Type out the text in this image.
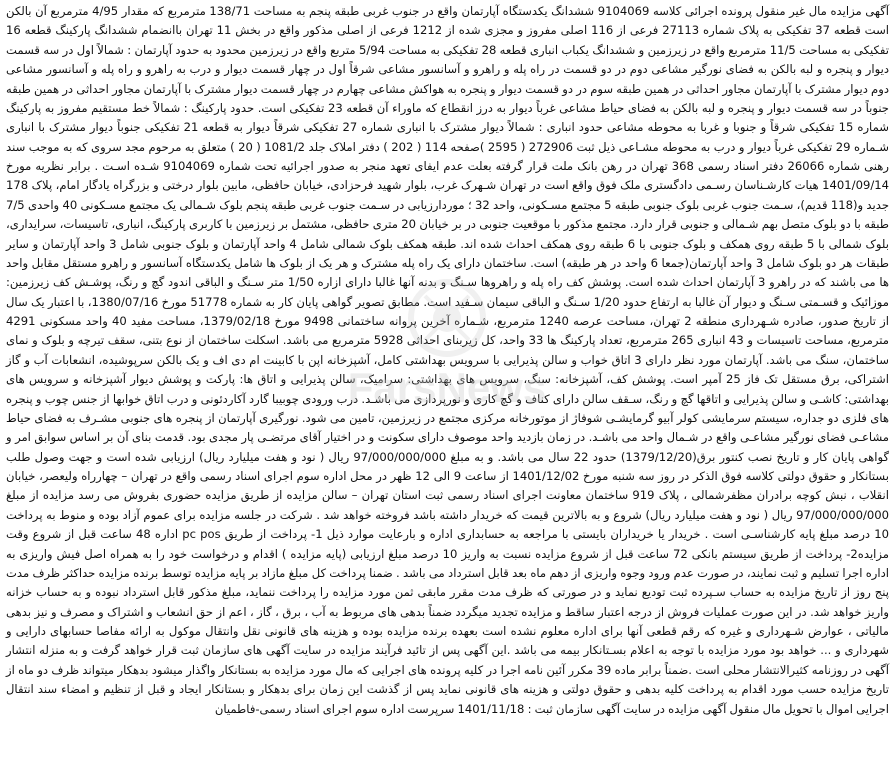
آگهی مزایده مال غیر منقول پرونده اجرائی کلاسه 9104069 ششدانگ یکدستگاه آپارتمان واقع در جنوب غربی طبقه پنجم به مساحت 138/71 مترمربع که مقدار 4/95 مترمربع آن بالکن است قطعه 37 تفکیکی به پلاک شماره 27113 فرعی از 116 اصلی مفروز و مجزی شده از 1212 فرعی از اصلی مذکور واقع در بخش 11 تهران باانضمام ششدانگ پارکینگ قطعه 16 تفکیکی به مساحت 11/5 مترمربع واقع در زیرزمین و ششدانگ یکباب انباری قطعه 28 تفکیکی به مساحت 5/94 متربع واقع در زیرزمین محدود به حدود آپارتمان : شمالاً اول در سه قسمت دیوار و پنجره و لبه بالکن به فضای نورگیر مشاعی دوم در دو قسمت در راه پله و راهرو و آسانسور مشاعی شرقاً اول در چهار قسمت دیوار و درب به راهرو و راه پله و آسانسور مشاعی دوم دیوار مشترک با آپارتمان مجاور احداثی در همین طبقه سوم در دو قسمت دیوار و پنجره به هواکش مشاعی چهارم در چهار قسمت دیوار مشترک با آپارتمان مجاور احداثی در همین طبقه جنوباً در سه قسمت دیوار و پنجره و لبه بالکن به فضای حیاط مشاعی غرباً دیوار به درز انقطاع که ماوراء آن قطعه 23 تفکیکی است. حدود پارکینگ : شمالاً خط مستقیم مفروز به پارکینگ شماره 15 تفکیکی شرقاً و جنوبا و غربا به محوطه مشاعی حدود انباری : شمالاً دیوار مشترک با انباری شماره 27 تفکیکی شرقاً دیوار به قطعه 21 تفکیکی جنوباً دیوار مشترک با انباری شـماره 29 تفکیکی غرباً دیوار و درب به محوطه مشـاعی ذیل ثبت 272906 ( 2595 )صفحه 114 ( 202 ) دفتر املاک جلد 1081/2 ( 20 ) متعلق به مرحوم مجد سروی که به موجب سند رهنی شماره 26066 دفتر اسناد رسمی 368 تهران در رهن بانک ملت قرار گرفته بعلت عدم ایفای تعهد منجر به صدور اجرائیه تحت شماره 9104069 شـده اسـت . برابر نظریه مورخ 1401/09/14 هیات کارشـناسان رسـمی دادگستری ملک فوق واقع است در تهران شـهرک غرب، بلوار شهید فرحزادی، خیابان حافظی، مابین بلوار درختی و بزرگراه یادگار امام، پلاک 178 جدید و(118 قدیم)، سـمت جنوب غربی بلوک جنوبی طبقه 5 مجتمع مسـکونی، واحد 32 ؛ موردارزیابی در سـمت جنوب غربی طبقه پنجم بلوک شـمالی یک مجتمع مسـکونی 40 واحدی 7/5 طبقه با دو بلوک متصل بهم شـمالی و جنوبی قرار دارد. مجتمع مذکور با موقعیت جنوبی در بر خیابان 20 متری حافظی، مشتمل بر زیرزمین با کاربری پارکینگ، انباری، تاسیسات، سرایداری، بلوک شمالی با 5 طبقه روی همکف و بلوک جنوبی با 6 طبقه روی همکف احداث شده اند. طبقه همکف بلوک شمالی شامل 4 واحد آپارتمان و بلوک جنوبی شامل 3 واحد آپارتمان و سایر طبقات هر دو بلوک شامل 3 واحد آپارتمان(جمعا 6 واحد در هر طبقه) است. ساختمان دارای یک راه پله مشترک و هر یک از بلوک ها شامل یکدستگاه آسانسور و راهرو مستقل مقابل واحد ها می باشند که در راهرو 3 آپارتمان احداث شده است. پوشش کف راه پله و راهروها سـنگ و بدنه آنها غالبا دارای ازاره 1/50 متر سـنگ و الباقی اندود گچ و رنگ، پوشـش کف زیرزمین: موزائیک و قسـمتی سـنگ و دیوار آن غالبا به ارتفاع حدود 1/20 سـنگ و الباقی سیمان سـفید است. مطابق تصویر گواهی پایان کار به شماره 51778 مورخ 1380/07/16، با اعتبار یک سال از تاریخ صدور، صادره شـهرداری منطقه 2 تهران، مساحت عرصه 1240 مترمربع، شـماره آخرین پروانه ساختمانی 9498 مورخ 1379/02/18، مساحت مفید 40 واحد مسکونی 4291 مترمربع، مساحت تاسیسات و 43 انباری 265 مترمربع، تعداد پارکینگ ها 33 واحد، کل زیربنای احداثی 5928 مترمربع می باشد. اسکلت ساختمان از نوع بتنی، سقف تیرچه و بلوک و نمای ساختمان، سنگ می باشد. آپارتمان مورد نظر دارای 3 اتاق خواب و سالن پذیرایی با سرویس بهداشتی کامل، آشپزخانه اپن با کابینت ام دی اف و یک بالکن سرپوشیده، انشعابات آب و گاز اشتراکی، برق مستقل تک فاز 25 آمپر است. پوشش کف، آشپزخانه: سنگ، سرویس های بهداشتی: سرامیک، سالن پذیرایی و اتاق ها: پارکت و پوشش دیوار آشپزخانه و سرویس های بهداشتی: کاشـی و سالن پذیرایی و اتاقها گچ و رنگ، سـقف سالن دارای کناف و گچ کاری و نورپردازی می باشـد. درب ورودی چوبیبا گارد آکاردئونی و درب اتاق خوابها از جنس چوب و پنجره های فلزی دو جداره، سیستم سرمایشی کولر آبیو گرمایشـی شوفاژ از موتورخانه مرکزی مجتمع در زیرزمین، تامین می شود. نورگیری آپارتمان از پنجره های جنوبی مشـرف به فضای حیاط مشاعـی فضای نورگیر مشاعـی واقع در شـمال واحد می باشـد. در زمان بازدید واحد موصوف دارای سکونت و در اختیار آقای مرتضـی پار مجدی بود. قدمت بنای آن بر اساس سوابق امر و گواهی پایان کار و تاریخ نصب کنتور برق(1379/12/20) حدود 22 سال می باشد. و به مبلغ 97/000/000/000 ریال ( نود و هفت میلیارد ریال) ارزیابی شده است و جهت وصول طلب بستانکار و حقوق دولتی کلاسه فوق الذکر در روز سه شنبه مورخ 1401/12/02 از ساعت 9 الی 12 ظهر در محل اداره سوم اجرای اسناد رسمی واقع در تهران – چهارراه ولیعصر، خیابان انقلاب ، نبش کوچه برادران مظفرشمالی ، پلاک 919 ساختمان معاونت اجرای اسناد رسمی ثبت استان تهران – سالن مزایده از طریق مزایده حضوری بفروش می رسد مزایده از مبلغ 97/000/000/000 ریال ( نود و هفت میلیارد ریال) شروع و به بالاترین قیمت که خریدار داشته باشد فروخته خواهد شد . شرکت در جلسه مزایده برای عموم آزاد بوده و منوط به پرداخت 10 درصد مبلغ پایه کارشناسـی است . خریدار یا خریداران بایستی با مراجعه به حسابداری اداره و بارعایت موارد ذیل 1- پرداخت از طریق pc pos اداره 48 ساعت قبل از شروع وقت مزایده2- پرداخت از طریق سیستم بانکی 72 ساعت قبل از شروع مزایده نسبت به واریز 10 درصد مبلغ ارزیابی (پایه مزایده ) اقدام و درخواست خود را به همراه اصل فیش واریزی به اداره اجرا تسلیم و ثبت نمایند، در صورت عدم ورود وجوه واریزی از دهم ماه بعد قابل استرداد می باشد . ضمنا پرداخت کل مبلغ مازاد بر پایه مزایده توسط برنده مزایده حداکثر ظرف مدت پنج روز از تاریخ مزایده به حساب سـپرده ثبت تودیع نماید و در صورتی که ظرف مدت مقرر مابقی ثمن مورد مزایده را پرداخت ننماید، مبلغ مذکور قابل استرداد نبوده و به حساب خزانه واریز خواهد شد. در این صورت عملیات فروش از درجه اعتبار ساقط و مزایده تجدید میگردد ضمناً بدهی های مربوط به آب ، برق ، گاز ، اعم از حق انشعاب و اشتراک و مصرف و نیز بدهی مالیاتی ، عوارض شـهرداری و غیره که رقم قطعی آنها برای اداره معلوم نشده است بعهده برنده مزایده بوده و هزینه های قانونی نقل وانتقال موکول به ارائه مفاصا حسابهای دارایی و شهرداری و ... خواهد بود مورد مزایده با توجه به اعلام بسـتانکار بیمه می باشد .این آگهی پس از تائید فرآیند مزایده در سایت آگهی های سازمان ثبت قرار خواهد گرفت و به منزله انتشار آگهی در روزنامه کثیرالانتشار محلی است .ضمناً برابر ماده 39 مکرر آئین نامه اجرا در کلیه پرونده های اجرایی که مال مورد مزایده به بستانکار واگذار میشود بدهکار میتواند ظرف دو ماه از تاریخ مزایده حسب مورد اقدام به پرداخت کلیه بدهی و حقوق دولتی و هزینه های قانونی نماید پس از گذشت این زمان برای بدهکار و بستانکار ایجاد و قبل از تنظیم و امضاء سند انتقال اجرایی اموال با تحویل مال منقول آگهی مزایده در سایت آگهی سازمان ثبت : 1401/11/18 سرپرست اداره سوم اجرای اسناد رسمی-فاطمیان
FarsNews
